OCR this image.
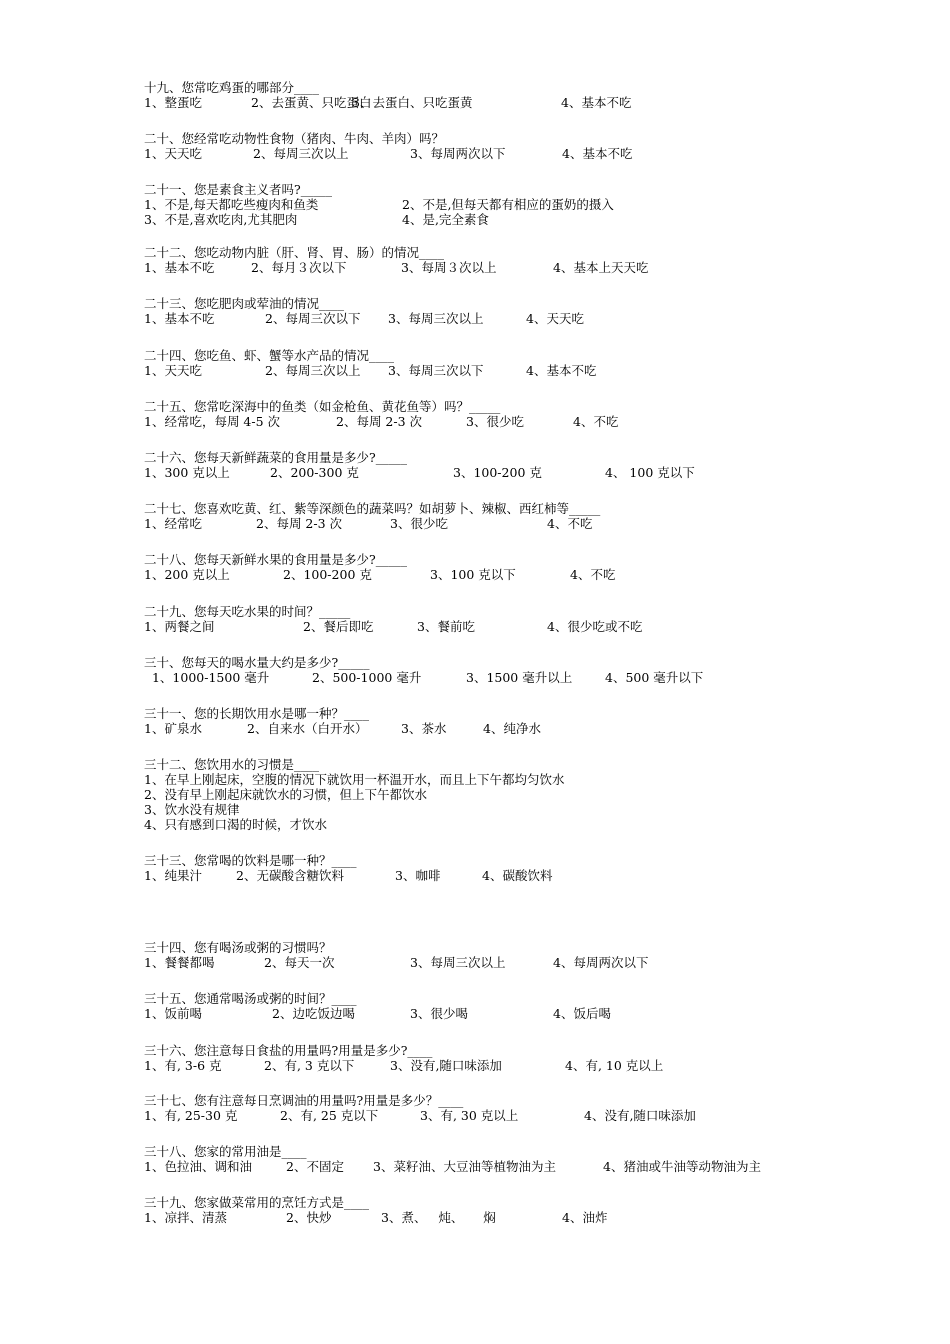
十九、您常吃鸡蛋的哪部分____
1、整蛋吃	2、去蛋黄、只吃蛋白
3、去蛋白、只吃蛋黄	4、基本不吃
二十、您经常吃动物性食物（猪肉、牛肉、羊肉）吗？
1、天天吃	2、每周三次以上	3、每周两次以下	4、基本不吃
二十一、您是素食主义者吗?_____
1、不是,每天都吃些瘦肉和鱼类	2、不是,但每天都有相应的蛋奶的摄入
3、不是,喜欢吃肉,尤其肥肉	4、是,完全素食
二十二、您吃动物内脏（肝、肾、胃、肠）的情况____
1、基本不吃	2、每月３次以下	3、每周３次以上	4、基本上天天吃
二十三、您吃肥肉或荤油的情况____
1、基本不吃	2、每周三次以下 3、每周三次以上	4、天天吃
二十四、您吃鱼、虾、蟹等水产品的情况____
1、天天吃	2、每周三次以上 3、每周三次以下	4、基本不吃
二十五、您常吃深海中的鱼类（如金枪鱼、黄花鱼等）吗？_____
1、经常吃，每周 4-5 次	2、每周 2-3 次	3、很少吃	4、不吃
二十六、您每天新鲜蔬菜的食用量是多少?_____
1、300 克以上	2、200-300 克	3、100-200 克	4、 100 克以下
二十七、您喜欢吃黄、红、紫等深颜色的蔬菜吗？如胡萝卜、辣椒、西红柿等_____
1、经常吃	2、每周 2-3 次	3、很少吃	4、不吃
二十八、您每天新鲜水果的食用量是多少?_____
1、200 克以上	2、100-200 克	3、100 克以下	4、不吃
二十九、您每天吃水果的时间？_____
1、两餐之间	2、餐后即吃	3、餐前吃	4、很少吃或不吃
三十、您每天的喝水量大约是多少?_____
1、1000-1500 毫升	2、500-1000 毫升	3、1500 毫升以上	4、500 毫升以下
三十一、您的长期饮用水是哪一种？____
1、矿泉水	2、自来水（白开水）	3、茶水	4、纯净水
三十二、您饮用水的习惯是____
1、在早上刚起床，空腹的情况下就饮用一杯温开水，而且上下午都均匀饮水
2、没有早上刚起床就饮水的习惯，但上下午都饮水
3、饮水没有规律
4、只有感到口渴的时候，才饮水
三十三、您常喝的饮料是哪一种？____
1、纯果汁	2、无碳酸含糖饮料	3、咖啡	4、碳酸饮料
三十四、您有喝汤或粥的习惯吗？
1、餐餐都喝	2、每天一次	3、每周三次以上	4、每周两次以下
三十五、您通常喝汤或粥的时间？____
1、饭前喝	2、边吃饭边喝	3、很少喝	4、饭后喝
三十六、您注意每日食盐的用量吗?用量是多少?____
1、有, 3-6 克	2、有, 3 克以下	3、没有,随口味添加	4、有, 10 克以上
三十七、您有注意每日烹调油的用量吗?用量是多少？____
1、有, 25-30 克	2、有, 25 克以下	3、有, 30 克以上	4、没有,随口味添加
三十八、您家的常用油是____
1、色拉油、调和油	2、不固定 3、菜籽油、大豆油等植物油为主	4、猪油或牛油等动物油为主
三十九、您家做菜常用的烹饪方式是____
1、凉拌、清蒸	2、快炒	3、煮、   炖、     焖	4、油炸
